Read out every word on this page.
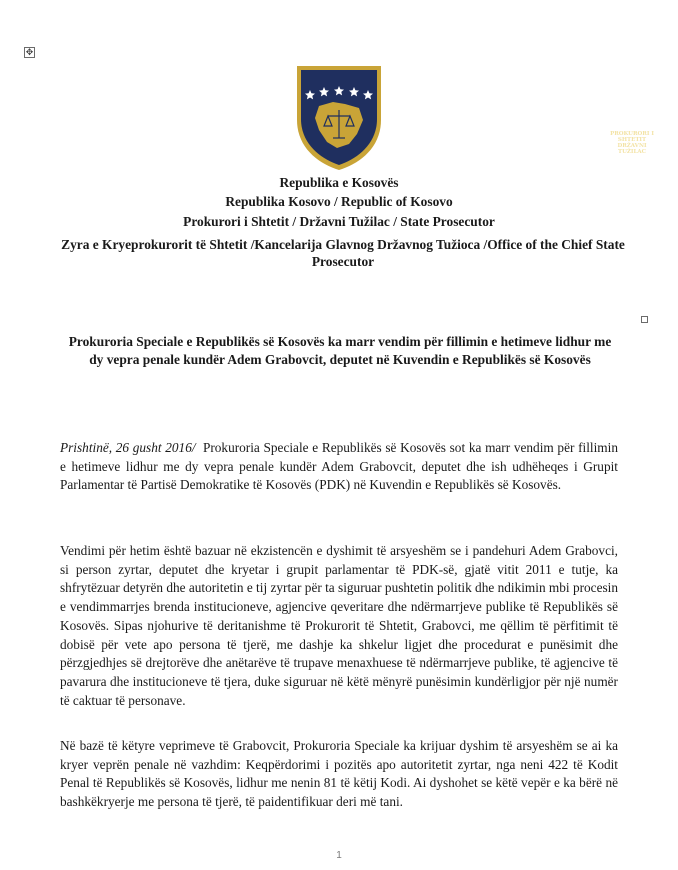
✥
PROKURORI I SHTETIT
DRŽAVNI TUŽILAC
Republika e Kosovës
Republika Kosovo / Republic of Kosovo
Prokurori i Shtetit / Državni Tužilac / State Prosecutor
Zyra e Kryeprokurorit të Shtetit /Kancelarija Glavnog Državnog Tužioca /Office of the Chief State Prosecutor
Prokuroria Speciale e Republikës së Kosovës ka marr vendim për fillimin e hetimeve lidhur me dy vepra penale kundër Adem Grabovcit, deputet në Kuvendin e Republikës së Kosovës
Prishtinë, 26 gusht 2016/ Prokuroria Speciale e Republikës së Kosovës sot ka marr vendim për fillimin e hetimeve lidhur me dy vepra penale kundër Adem Grabovcit, deputet dhe ish udhëheqes i Grupit Parlamentar të Partisë Demokratike të Kosovës (PDK) në Kuvendin e Republikës së Kosovës.
Vendimi për hetim është bazuar në ekzistencën e dyshimit të arsyeshëm se i pandehuri Adem Grabovci, si person zyrtar, deputet dhe kryetar i grupit parlamentar të PDK-së, gjatë vitit 2011 e tutje, ka shfrytëzuar detyrën dhe autoritetin e tij zyrtar për ta siguruar pushtetin politik dhe ndikimin mbi procesin e vendimmarrjes brenda institucioneve, agjencive qeveritare dhe ndërmarrjeve publike të Republikës së Kosovës. Sipas njohurive të deritanishme të Prokurorit të Shtetit, Grabovci, me qëllim të përfitimit të dobisë për vete apo persona të tjerë, me dashje ka shkelur ligjet dhe procedurat e punësimit dhe përzgjedhjes së drejtorëve dhe anëtarëve të trupave menaxhuese të ndërmarrjeve publike, të agjencive të pavarura dhe institucioneve të tjera, duke siguruar në këtë mënyrë punësimin kundërligjor për një numër të caktuar të personave.
Në bazë të këtyre veprimeve të Grabovcit, Prokuroria Speciale ka krijuar dyshim të arsyeshëm se ai ka kryer veprën penale në vazhdim: Keqpërdorimi i pozitës apo autoritetit zyrtar, nga neni 422 të Kodit Penal të Republikës së Kosovës, lidhur me nenin 81 të këtij Kodi. Ai dyshohet se këtë vepër e ka bërë në bashkëkryerje me persona të tjerë, të paidentifikuar deri më tani.
1
